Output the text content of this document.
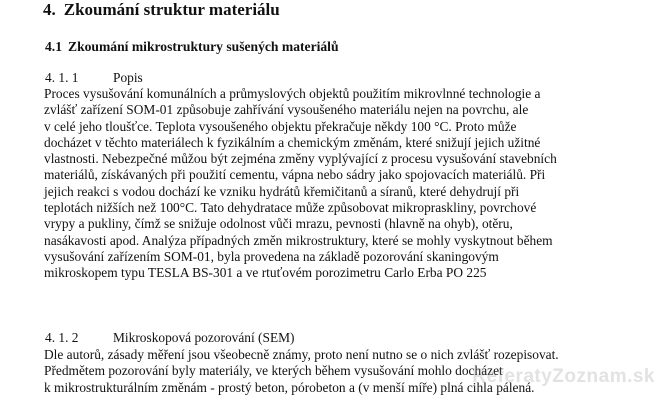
4. Zkoumání struktur materiálu
4.1 Zkoumání mikrostruktury sušených materiálů
4. 1. 1	Popis
Proces vysušování komunálních a průmyslových objektů použitím mikrovlnné technologie a
zvlášť zařízení SOM-01 způsobuje zahřívání vysoušeného materiálu nejen na povrchu, ale
v celé jeho tloušťce. Teplota vysoušeného objektu překračuje někdy 100 °C. Proto může
docházet v těchto materiálech k fyzikálním a chemickým změnám, které snižují jejich užitné
vlastnosti. Nebezpečné můžou být zejména změny vyplývající z procesu vysušování stavebních
materiálů, získávaných při použití cementu, vápna nebo sádry jako spojovacích materiálů. Při
jejich reakci s vodou dochází ke vzniku hydrátů křemičitanů a síranů, které dehydrují při
teplotách nižších než 100°C. Tato dehydratace může způsobovat mikropraskliny, povrchové
vrypy a pukliny, čímž se snižuje odolnost vůči mrazu, pevnosti (hlavně na ohyb), otěru,
nasákavosti apod. Analýza případných změn mikrostruktury, které se mohly vyskytnout během
vysušování zařízením SOM-01, byla provedena na základě pozorování skaningovým
mikroskopem typu TESLA BS-301 a ve rtuťovém porozimetru Carlo Erba PO 225
4. 1. 2	Mikroskopová pozorování (SEM)
Dle autorů, zásady měření jsou všeobecně známy, proto není nutno se o nich zvlášť rozepisovat.
Předmětem pozorování byly materiály, ve kterých během vysušování mohlo docházet
k mikrostrukturálním změnám - prostý beton, pórobeton a (v menší míře) plná cihla pálená.
ReferatyZoznam.sk
